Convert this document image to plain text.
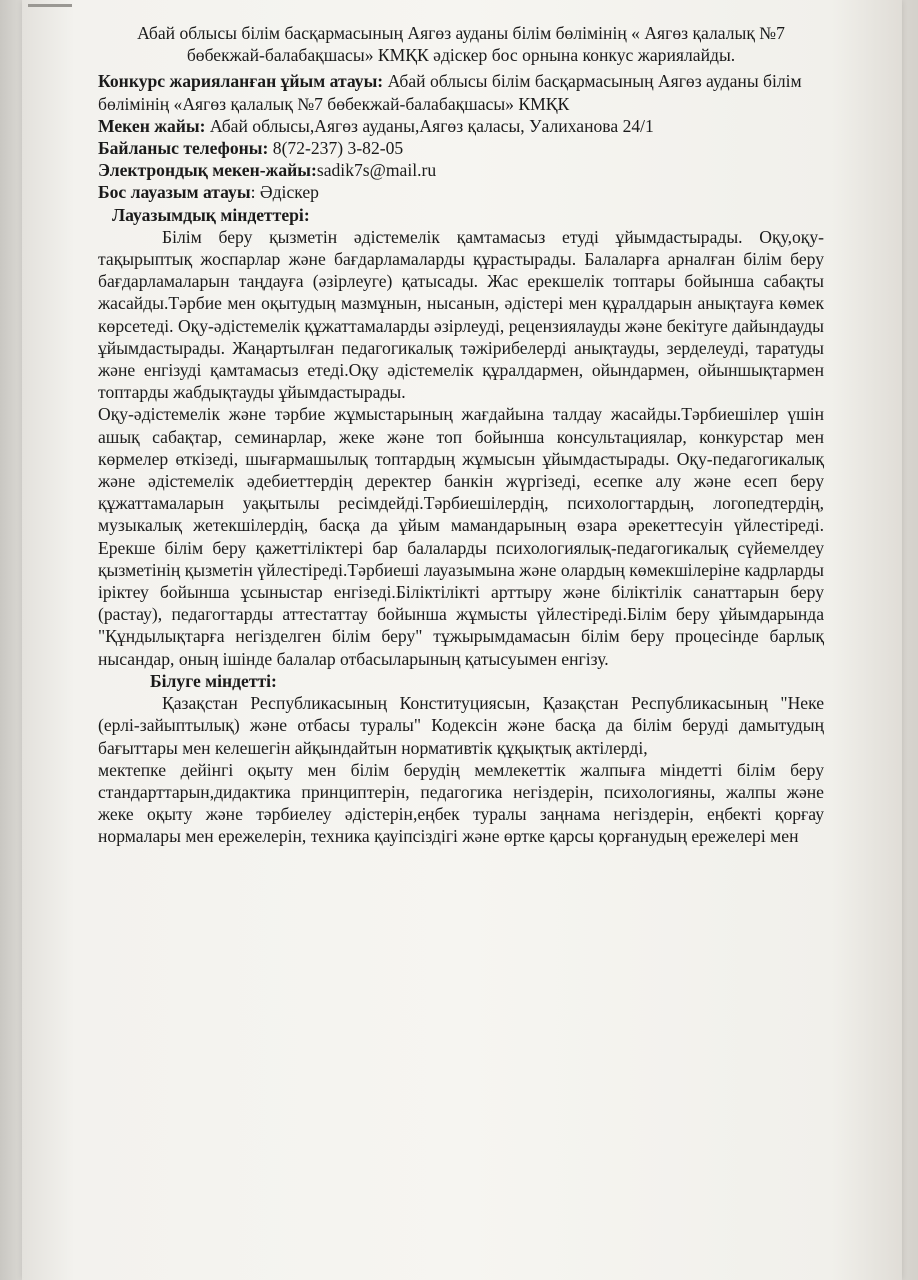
Абай облысы білім басқармасының Аягөз ауданы білім бөлімінің « Аягөз қалалық №7 бөбекжай-балабақшасы» КМҚК әдіскер бос орнына конкус жариялайды.

Конкурс жарияланған ұйым атауы: Абай облысы білім басқармасының Аягөз ауданы білім бөлімінің «Аягөз қалалық №7 бөбекжай-балабақшасы» КМҚК

Мекен жайы: Абай облысы,Аягөз ауданы,Аягөз қаласы, Уалиханова 24/1

Байланыс телефоны: 8(72-237) 3-82-05

Электрондық мекен-жайы:sadik7s@mail.ru

Бос лауазым атауы: Әдіскер

Лауазымдық міндеттері:

Білім беру қызметін әдістемелік қамтамасыз етуді ұйымдастырады. Оқу,оқу-тақырыптық жоспарлар және бағдарламаларды құрастырады. Балаларға арналған білім беру бағдарламаларын таңдауға (әзірлеуге) қатысады. Жас ерекшелік топтары бойынша сабақты жасайды.Тәрбие мен оқытудың мазмұнын, нысанын, әдістері мен құралдарын анықтауға көмек көрсетеді. Оқу-әдістемелік құжаттамаларды әзірлеуді, рецензиялауды және бекітуге дайындауды ұйымдастырады. Жаңартылған педагогикалық тәжірибелерді анықтауды, зерделеуді, таратуды және енгізуді қамтамасыз етеді.Оқу әдістемелік құралдармен, ойындармен, ойыншықтармен топтарды жабдықтауды ұйымдастырады.

Оқу-әдістемелік және тәрбие жұмыстарының жағдайына талдау жасайды.Тәрбиешілер үшін ашық сабақтар, семинарлар, жеке және топ бойынша консультациялар, конкурстар мен көрмелер өткізеді, шығармашылық топтардың жұмысын ұйымдастырады. Оқу-педагогикалық және әдістемелік әдебиеттердің деректер банкін жүргізеді, есепке алу және есеп беру құжаттамаларын уақытылы ресімдейді.Тәрбиешілердің, психологтардың, логопедтердің, музыкалық жетекшілердің, басқа да ұйым мамандарының өзара әрекеттесуін үйлестіреді. Ерекше білім беру қажеттіліктері бар балаларды психологиялық-педагогикалық сүйемелдеу қызметінің қызметін үйлестіреді.Тәрбиеші лауазымына және олардың көмекшілеріне кадрларды іріктеу бойынша ұсыныстар енгізеді.Біліктілікті арттыру және біліктілік санаттарын беру (растау), педагогтарды аттестаттау бойынша жұмысты үйлестіреді.Білім беру ұйымдарында "Құндылықтарға негізделген білім беру" тұжырымдамасын білім беру процесінде барлық нысандар, оның ішінде балалар отбасыларының қатысуымен енгізу.

Білуге міндетті:

Қазақстан Республикасының Конституциясын, Қазақстан Республикасының "Неке (ерлі-зайыптылық) және отбасы туралы" Кодексін және басқа да білім беруді дамытудың бағыттары мен келешегін айқындайтын нормативтік құқықтық актілерді,

мектепке дейінгі оқыту мен білім берудің мемлекеттік жалпыға міндетті білім беру стандарттарын,дидактика принциптерін, педагогика негіздерін, психологияны, жалпы және жеке оқыту және тәрбиелеу әдістерін,еңбек туралы заңнама негіздерін, еңбекті қорғау нормалары мен ережелерін, техника қауіпсіздігі және өртке қарсы қорғанудың ережелері мен
